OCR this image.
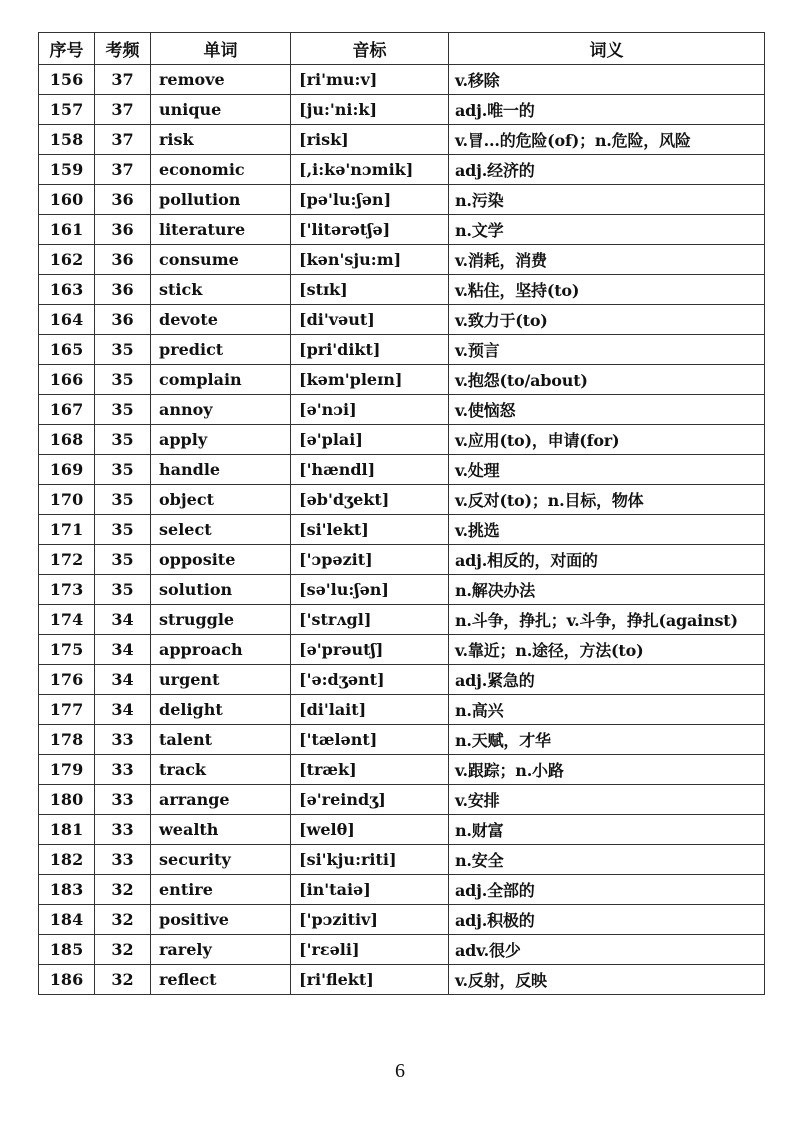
序号	考频	单词	音标	词义
156	37	remove	[ri'mu:v]	v.移除
157	37	unique	[ju:'ni:k]	adj.唯一的
158	37	risk	[risk]	v.冒...的危险(of)；n.危险，风险
159	37	economic	[,i:kə'nɔmik]	adj.经济的
160	36	pollution	[pə'lu:ʃən]	n.污染
161	36	literature	['litərətʃə]	n.文学
162	36	consume	[kən'sju:m]	v.消耗，消费
163	36	stick	[stɪk]	v.粘住，坚持(to)
164	36	devote	[di'vəut]	v.致力于(to)
165	35	predict	[pri'dikt]	v.预言
166	35	complain	[kəm'pleɪn]	v.抱怨(to/about)
167	35	annoy	[ə'nɔi]	v.使恼怒
168	35	apply	[ə'plai]	v.应用(to)，申请(for)
169	35	handle	['hændl]	v.处理
170	35	object	[əb'dʒekt]	v.反对(to)；n.目标，物体
171	35	select	[si'lekt]	v.挑选
172	35	opposite	['ɔpəzit]	adj.相反的，对面的
173	35	solution	[sə'lu:ʃən]	n.解决办法
174	34	struggle	['strʌgl]	n.斗争，挣扎；v.斗争，挣扎(against)
175	34	approach	[ə'prəutʃ]	v.靠近；n.途径，方法(to)
176	34	urgent	['ə:dʒənt]	adj.紧急的
177	34	delight	[di'lait]	n.高兴
178	33	talent	['tælənt]	n.天赋，才华
179	33	track	[træk]	v.跟踪；n.小路
180	33	arrange	[ə'reindʒ]	v.安排
181	33	wealth	[welθ]	n.财富
182	33	security	[si'kju:riti]	n.安全
183	32	entire	[in'taiə]	adj.全部的
184	32	positive	['pɔzitiv]	adj.积极的
185	32	rarely	['rɛəli]	adv.很少
186	32	reflect	[ri'flekt]	v.反射，反映
6
